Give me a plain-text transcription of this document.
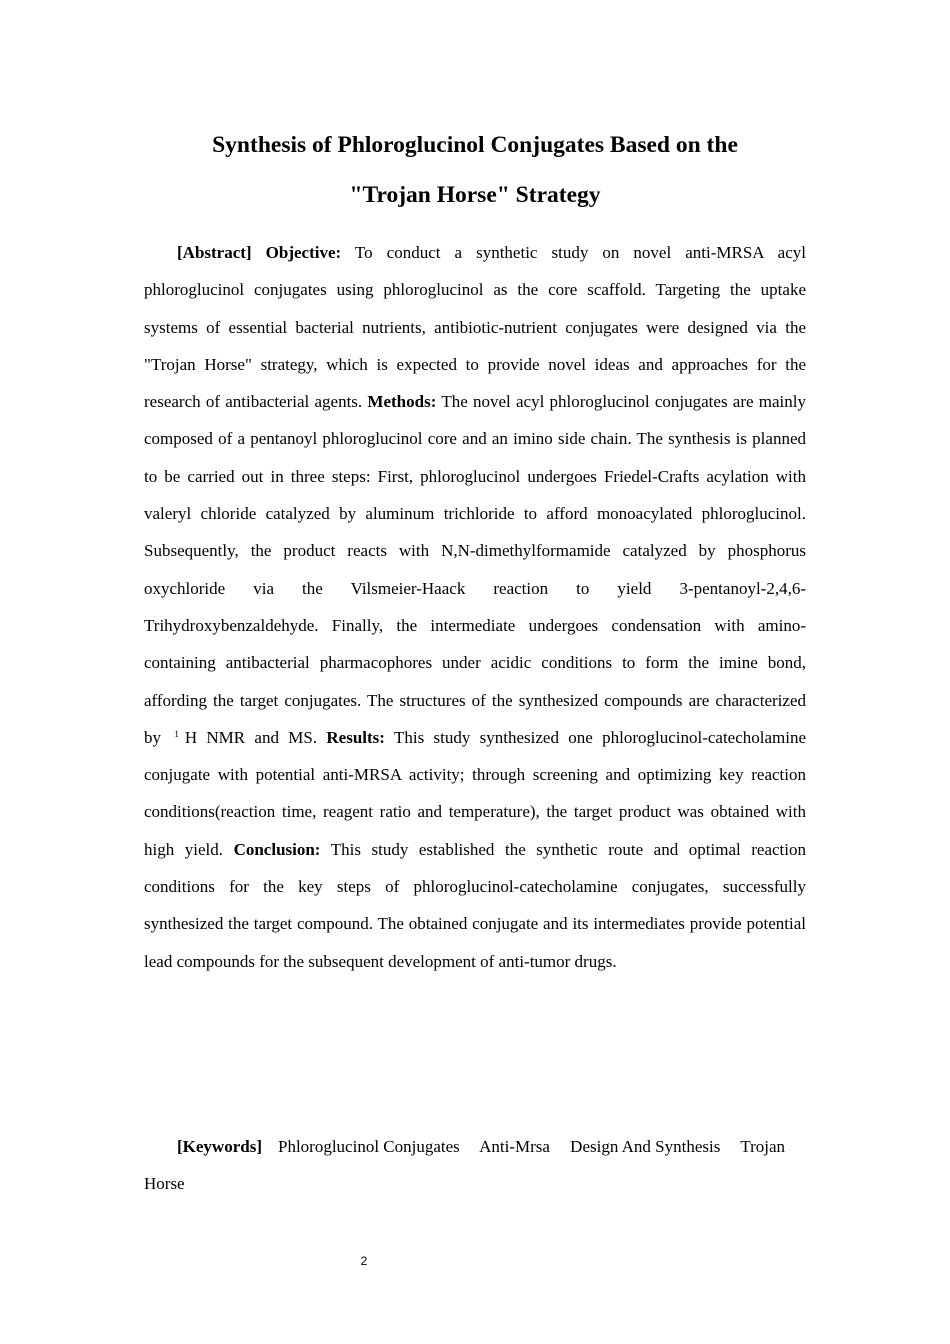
Synthesis of Phloroglucinol Conjugates Based on the
"Trojan Horse" Strategy

[Abstract] Objective: To conduct a synthetic study on novel anti-MRSA acyl phloroglucinol conjugates using phloroglucinol as the core scaffold. Targeting the uptake systems of essential bacterial nutrients, antibiotic-nutrient conjugates were designed via the "Trojan Horse" strategy, which is expected to provide novel ideas and approaches for the research of antibacterial agents. Methods: The novel acyl phloroglucinol conjugates are mainly composed of a pentanoyl phloroglucinol core and an imino side chain. The synthesis is planned to be carried out in three steps: First, phloroglucinol undergoes Friedel-Crafts acylation with valeryl chloride catalyzed by aluminum trichloride to afford monoacylated phloroglucinol. Subsequently, the product reacts with N,N-dimethylformamide catalyzed by phosphorus oxychloride via the Vilsmeier-Haack reaction to yield 3-pentanoyl-2,4,6-Trihydroxybenzaldehyde. Finally, the intermediate undergoes condensation with amino-containing antibacterial pharmacophores under acidic conditions to form the imine bond, affording the target conjugates. The structures of the synthesized compounds are characterized by $^1$ H NMR and MS. Results: This study synthesized one phloroglucinol-catecholamine conjugate with potential anti-MRSA activity; through screening and optimizing key reaction conditions(reaction time, reagent ratio and temperature), the target product was obtained with high yield. Conclusion: This study established the synthetic route and optimal reaction conditions for the key steps of phloroglucinol-catecholamine conjugates, successfully synthesized the target compound. The obtained conjugate and its intermediates provide potential lead compounds for the subsequent development of anti-tumor drugs.

[Keywords] Phloroglucinol Conjugates Anti-Mrsa Design And Synthesis Trojan Horse

2
